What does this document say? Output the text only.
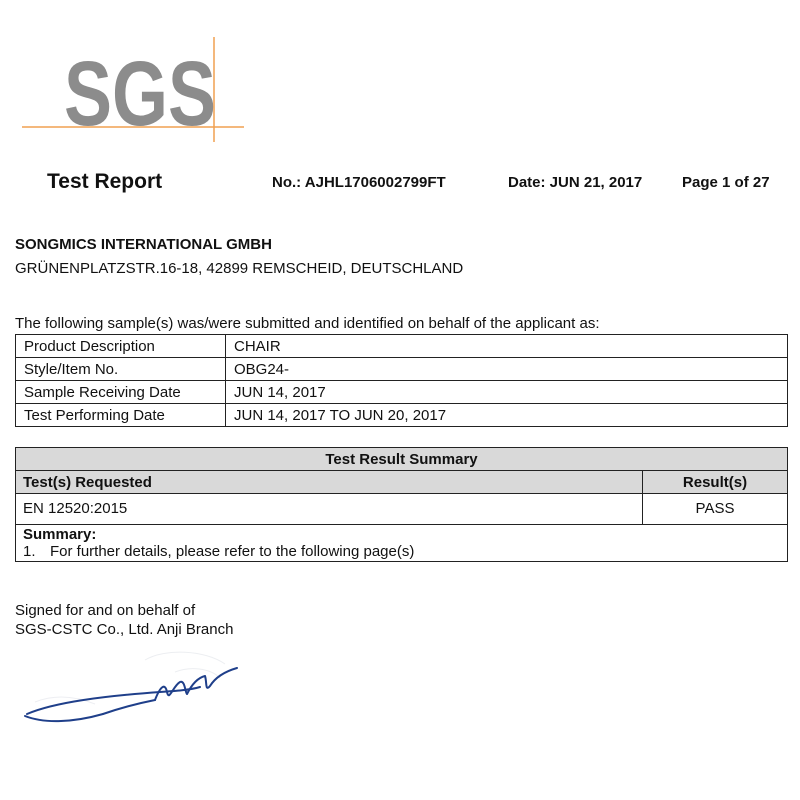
SGS
Test Report	No.: AJHL1706002799FT	Date: JUN 21, 2017	Page 1 of 27
SONGMICS INTERNATIONAL GMBH
GRÜNENPLATZSTR.16-18, 42899 REMSCHEID, DEUTSCHLAND
The following sample(s) was/were submitted and identified on behalf of the applicant as:
Product Description	CHAIR
Style/Item No.	OBG24-
Sample Receiving Date	JUN 14, 2017
Test Performing Date	JUN 14, 2017 TO JUN 20, 2017
Test Result Summary	
Test(s) Requested	Result(s)
EN 12520:2015	PASS

Summary:
1. For further details, please refer to the following page(s)	
Signed for and on behalf of
SGS-CSTC Co., Ltd. Anji Branch
